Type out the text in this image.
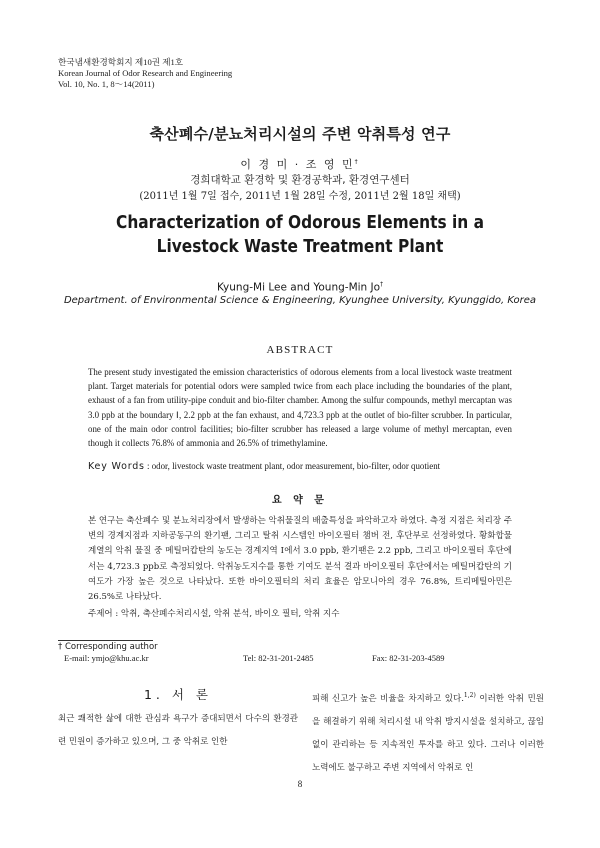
한국냄새환경학회지 제10권 제1호
Korean Journal of Odor Research and Engineering
Vol. 10, No. 1, 8～14(2011)
축산폐수/분뇨처리시설의 주변 악취특성 연구
이 경 미 · 조 영 민†
경희대학교 환경학 및 환경공학과, 환경연구센터
(2011년 1월 7일 접수, 2011년 1월 28일 수정, 2011년 2월 18일 채택)
Characterization of Odorous Elements in a
Livestock Waste Treatment Plant
Kyung-Mi Lee and Young-Min Jo†
Department. of Environmental Science & Engineering, Kyunghee University, Kyunggido, Korea
ABSTRACT
The present study investigated the emission characteristics of odorous elements from a local livestock waste treatment plant. Target materials for potential odors were sampled twice from each place including the boundaries of the plant, exhaust of a fan from utility-pipe conduit and bio-filter chamber. Among the sulfur compounds, methyl mercaptan was 3.0 ppb at the boundary Ⅰ, 2.2 ppb at the fan exhaust, and 4,723.3 ppb at the outlet of bio-filter scrubber. In particular, one of the main odor control facilities; bio-filter scrubber has released a large volume of methyl mercaptan, even though it collects 76.8% of ammonia and 26.5% of trimethylamine.
Key Words : odor, livestock waste treatment plant, odor measurement, bio-filter, odor quotient
요 약 문
본 연구는 축산폐수 및 분뇨처리장에서 발생하는 악취물질의 배출특성을 파악하고자 하였다. 측정 지점은 처리장 주변의 경계지점과 지하공동구의 환기팬, 그리고 탈취 시스템인 바이오필터 챔버 전, 후단부로 선정하였다. 황화합물 계열의 악취 물질 중 메틸머캅탄의 농도는 경계지역 Ⅰ에서 3.0 ppb, 환기팬은 2.2 ppb, 그리고 바이오필터 후단에서는 4,723.3 ppb로 측정되었다. 악취농도지수를 통한 기여도 분석 결과 바이오필터 후단에서는 메틸머캅탄의 기여도가 가장 높은 것으로 나타났다. 또한 바이오필터의 처리 효율은 암모니아의 경우 76.8%, 트리메틸아민은 26.5%로 나타났다.
주제어 : 악취, 축산폐수처리시설, 악취 분석, 바이오 필터, 악취 지수
† Corresponding author
E-mail: ymjo@khu.ac.kr	Tel: 82-31-201-2485	Fax: 82-31-203-4589
1. 서 론
최근 쾌적한 삶에 대한 관심과 욕구가 증대되면서 다수의 환경관련 민원이 증가하고 있으며, 그 중 악취로 인한
피해 신고가 높은 비율을 차지하고 있다.$^{1,2)}$ 이러한 악취 민원을 해결하기 위해 처리시설 내 악취 방지시설을 설치하고, 끊임없이 관리하는 등 지속적인 투자를 하고 있다. 그러나 이러한 노력에도 불구하고 주변 지역에서 악취로 인
8
